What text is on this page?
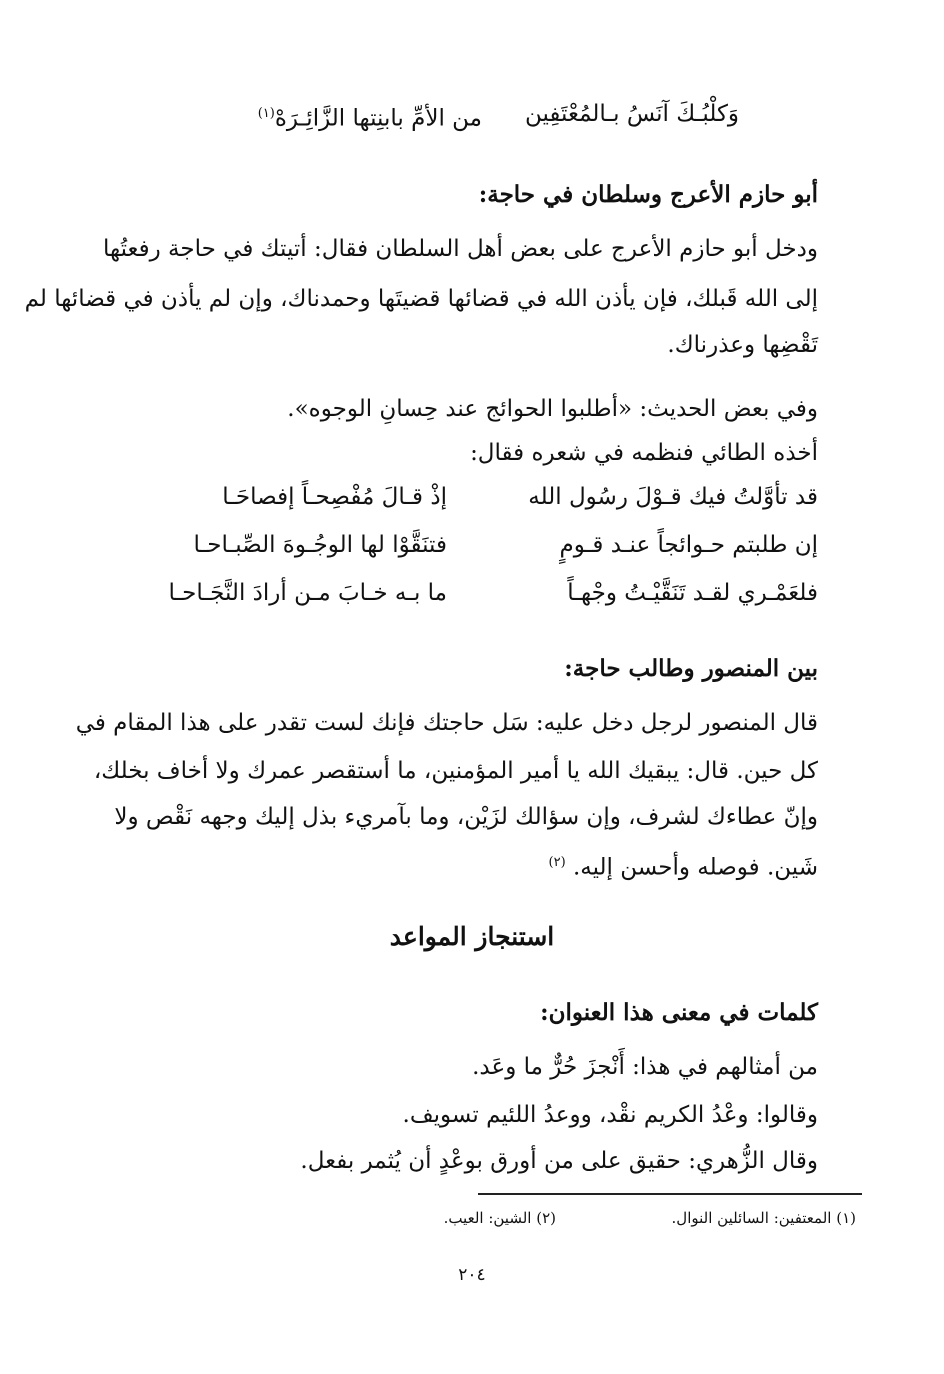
وَكلْبُـكَ آنَسُ بـالمُعْتَفِين
من الأمِّ بابنِتها الزَّائِـرَهْ$^{(١)}$
أبو حازم الأعرج وسلطان في حاجة:
ودخل أبو حازم الأعرج على بعض أهل السلطان فقال: أتيتك في حاجة رفعتُها
إلى الله قَبلك، فإن يأذن الله في قضائها قضيتَها وحمدناك، وإن لم يأذن في قضائها لم
تَقْضِها وعذرناك.
وفي بعض الحديث: «أطلبوا الحوائج عند حِسانِ الوجوه».
أخذه الطائي فنظمه في شعره فقال:
قد تأوَّلتُ فيك قـوْلَ رسُول الله
إذْ قـالَ مُفْصِحـاً إفصاحَـا
إن طلبتم حـوائجاً عنـد قـومٍ
فتنَقَّوْا لها الوجُـوهَ الصِّبـاحـا
فلعَمْـري لقـد تَنَقَّيْـتُ وجْهـاً
ما بـه خـابَ مـن أرادَ النَّجَـاحـا
بين المنصور وطالب حاجة:
قال المنصور لرجل دخل عليه: سَل حاجتك فإنك لست تقدر على هذا المقام في
كل حين. قال: يبقيك الله يا أمير المؤمنين، ما أستقصر عمرك ولا أخاف بخلك،
وإنّ عطاءك لشرف، وإن سؤالك لزَيْن، وما بآمريء بذل إليك وجهه نَقْص ولا
شَين. فوصله وأحسن إليه. $^{(٢)}$
استنجاز المواعد
كلمات في معنى هذا العنوان:
من أمثالهم في هذا: أَنْجزَ حُرٌّ ما وعَد.
وقالوا: وعْدُ الكريم نقْد، ووعدُ اللئيم تسويف.
وقال الزُّهري: حقيق على من أورق بوعْدٍ أن يُثمر بفعل.
(١) المعتفين: السائلين النوال.
(٢) الشين: العيب.
٢٠٤
